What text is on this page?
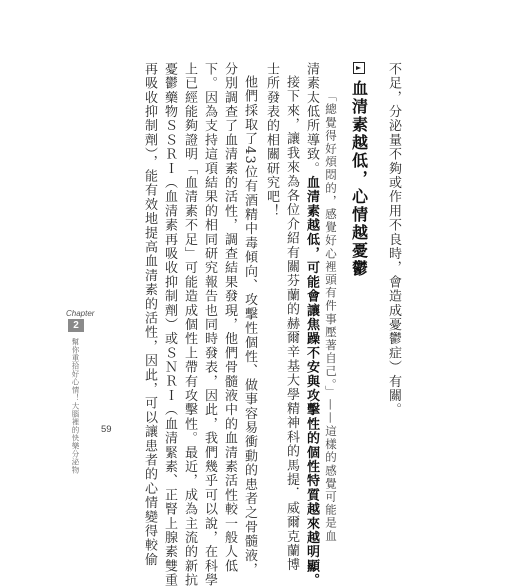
不足，分泌量不夠或作用不良時，會造成憂鬱症）有關。
血清素越低，心情越憂鬱
「總覺得好煩悶的，感覺好心裡頭有件事壓著自己。」——這樣的感覺可能是血
清素太低所導致。血清素越低，可能會讓焦躁不安與攻擊性的個性特質越來越明顯。
接下來，讓我來為各位介紹有關芬蘭的赫爾辛基大學精神科的馬提．威爾克蘭博
士所發表的相關研究吧！
他們採取了43位有酒精中毒傾向、攻擊性個性、做事容易衝動的患者之骨髓液，
分別調查了血清素的活性，調查結果發現，他們骨髓液中的血清素活性較一般人低
下。因為支持這項結果的相同研究報告也同時發表，因此，我們幾乎可以說，在科學
上已經能夠證明「血清素不足」可能造成個性上帶有攻擊性。最近，成為主流的新抗
憂鬱藥物ＳＳＲＩ（血清素再吸收抑制劑）或ＳＮＲＩ（血清緊素、正腎上腺素雙重
再吸收抑制劑），能有效地提高血清素的活性，因此，可以讓患者的心情變得較偷
Chapter
2
幫你重拾好心情！大腦裡的快樂分泌物 59
